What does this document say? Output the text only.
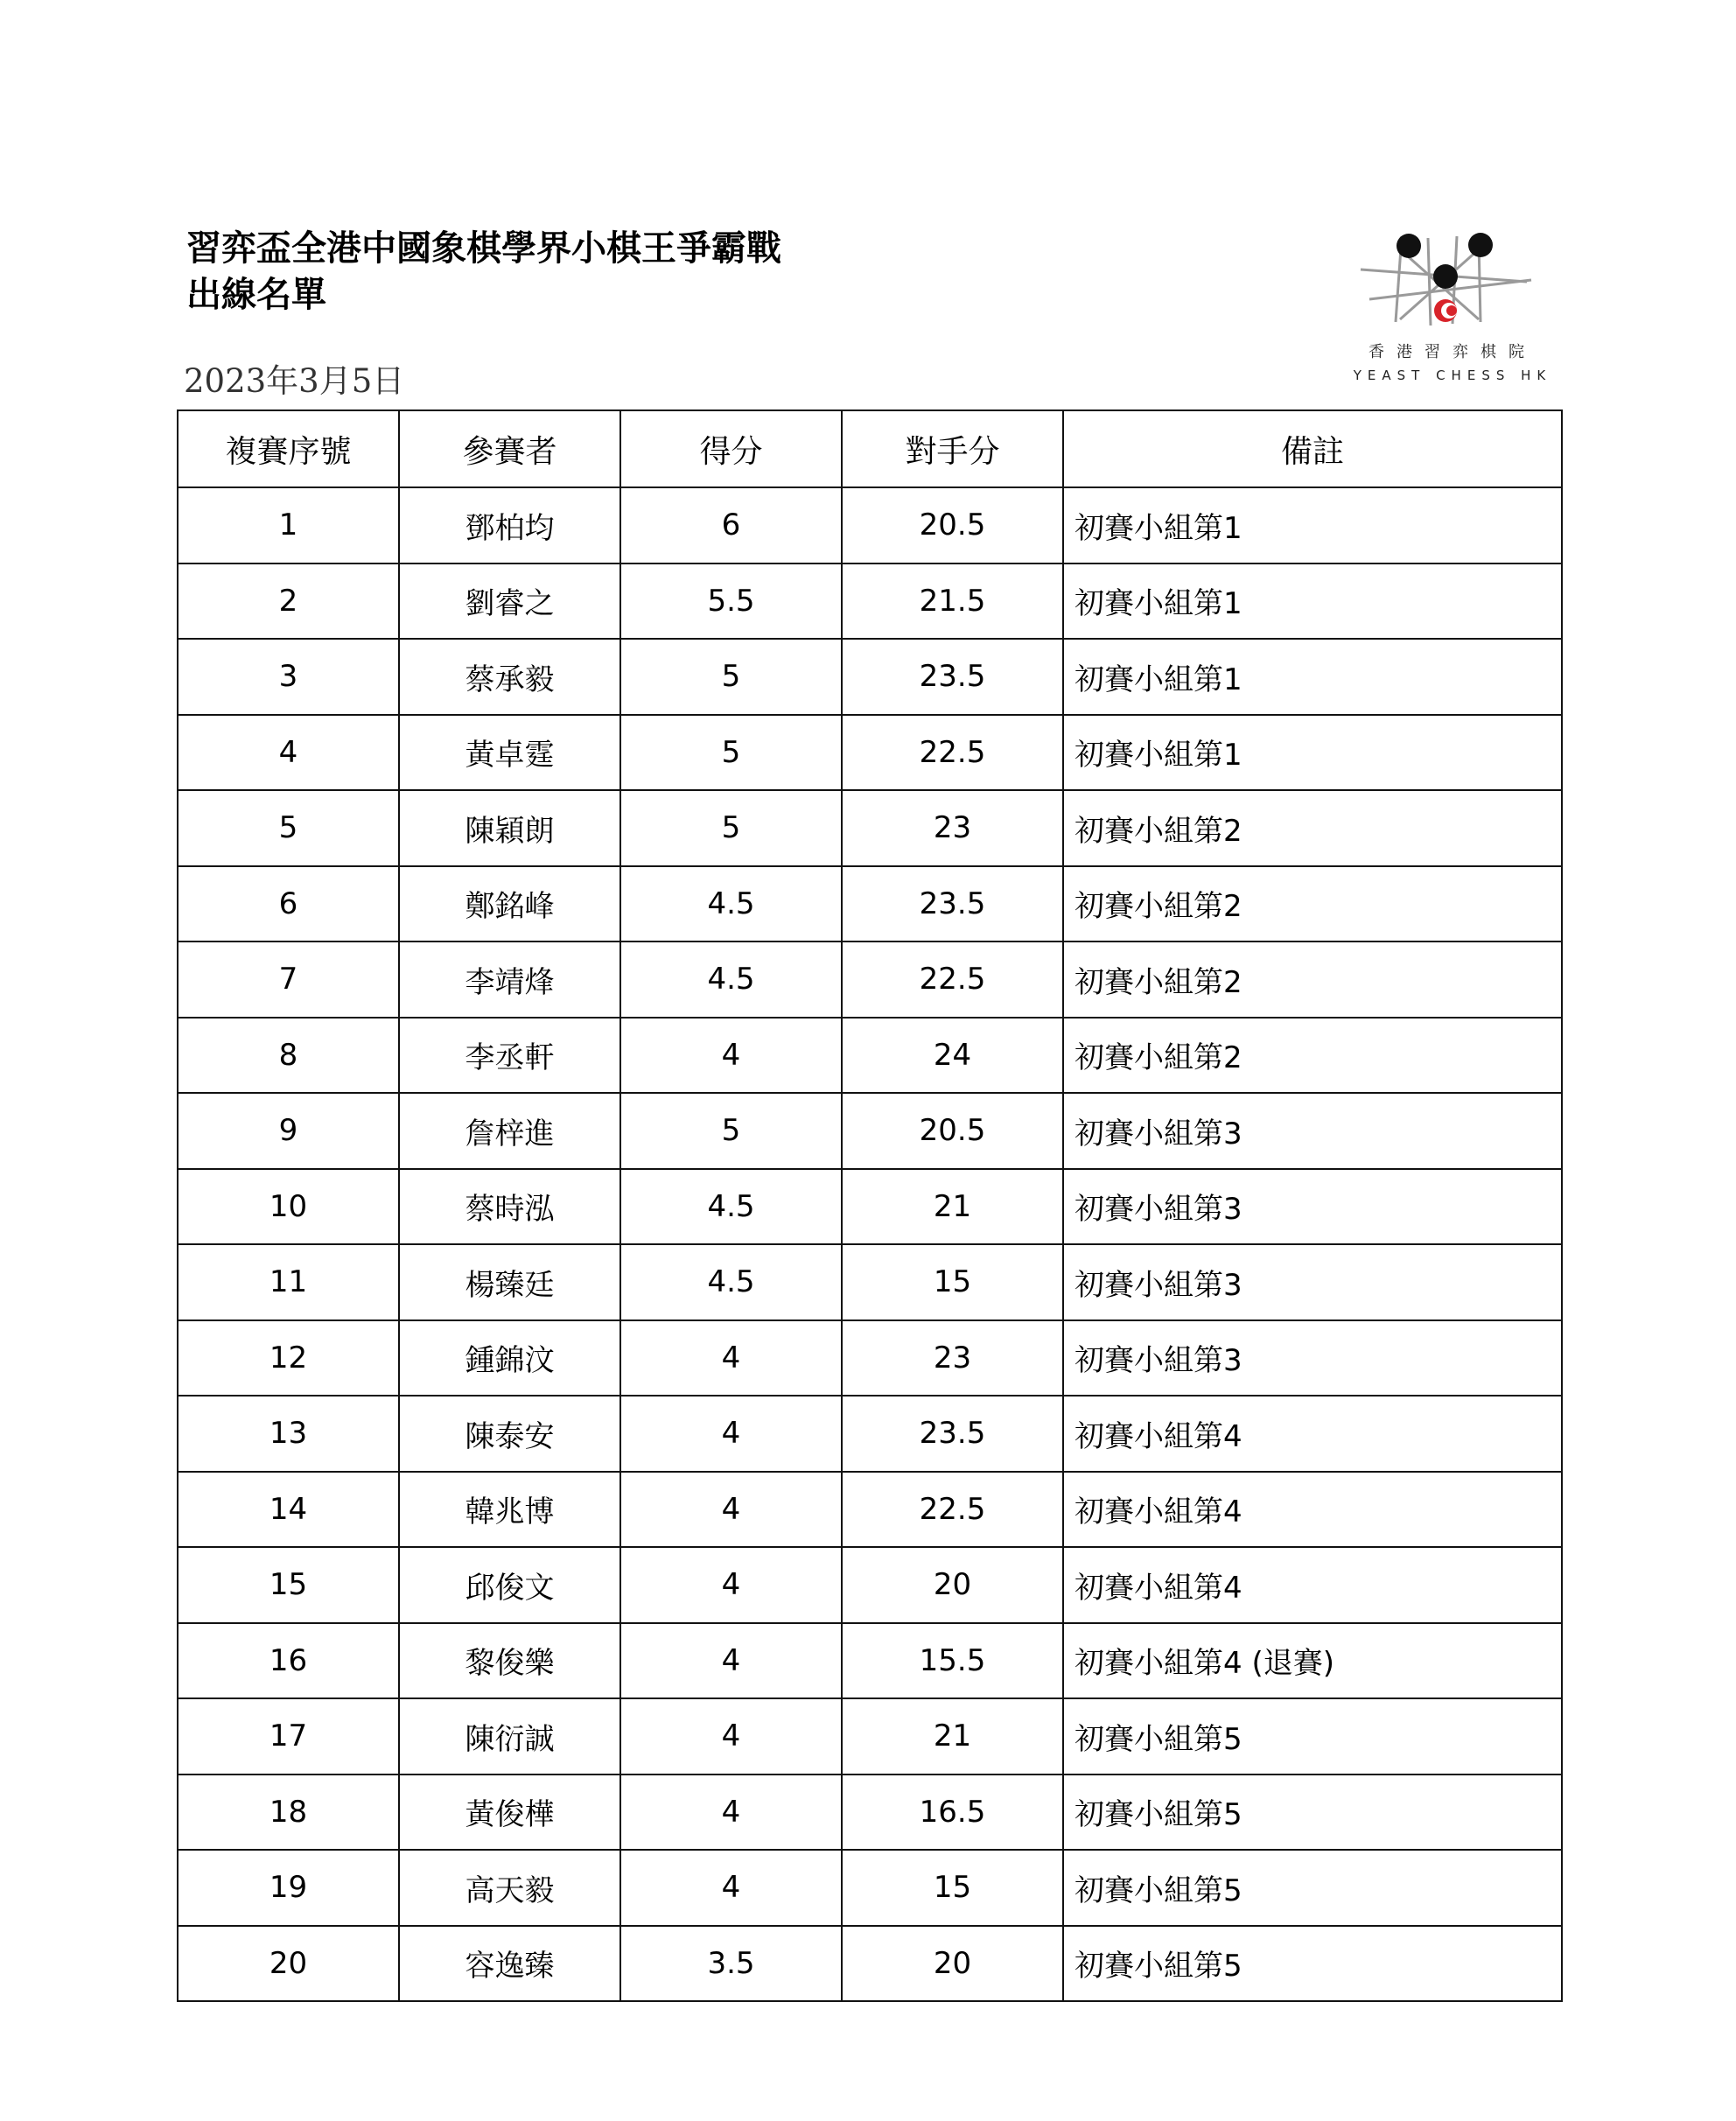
習弈盃全港中國象棋學界小棋王爭霸戰
出線名單
2023年3月5日
香港習弈棋院
YEAST CHESS HK
複賽序號	參賽者	得分	對手分	備註
1	鄧柏均	6	20.5	初賽小組第1
2	劉睿之	5.5	21.5	初賽小組第1
3	蔡承毅	5	23.5	初賽小組第1
4	黃卓霆	5	22.5	初賽小組第1
5	陳穎朗	5	23	初賽小組第2
6	鄭銘峰	4.5	23.5	初賽小組第2
7	李靖烽	4.5	22.5	初賽小組第2
8	李丞軒	4	24	初賽小組第2
9	詹梓進	5	20.5	初賽小組第3
10	蔡時泓	4.5	21	初賽小組第3
11	楊臻廷	4.5	15	初賽小組第3
12	鍾錦汶	4	23	初賽小組第3
13	陳泰安	4	23.5	初賽小組第4
14	韓兆博	4	22.5	初賽小組第4
15	邱俊文	4	20	初賽小組第4
16	黎俊樂	4	15.5	初賽小組第4 (退賽)
17	陳衍誠	4	21	初賽小組第5
18	黃俊樺	4	16.5	初賽小組第5
19	高天毅	4	15	初賽小組第5
20	容逸臻	3.5	20	初賽小組第5
